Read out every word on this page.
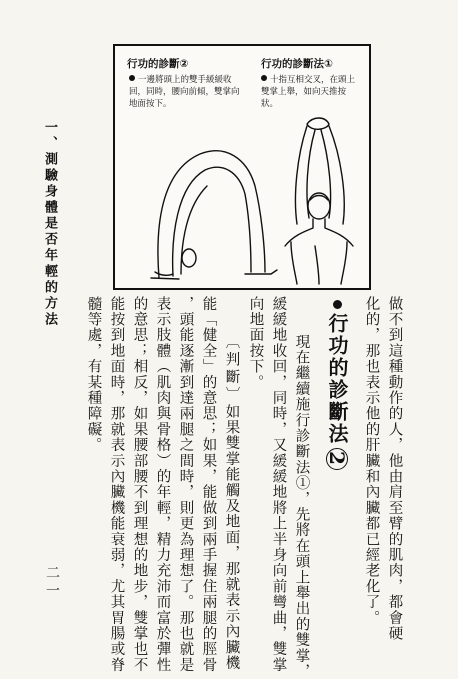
一、測驗身體是否年輕的方法
二一
行功的診斷②
一邊將頭上的雙手緩緩收回，同時，腰向前傾，雙掌向地面按下。
行功的診斷法①
十指互相交叉，在頭上雙掌上舉，如向天推按狀。
做不到這種動作的人，他由肩至臂的肌肉，都會硬
化的，那也表示他的肝臟和內臟都已經老化了。
行功的診斷法2
現在繼續施行診斷法①，先將在頭上舉出的雙掌，
緩緩地收回，同時，又緩緩地將上半身向前彎曲，雙掌
向地面按下。
〔判斷〕如果雙掌能觸及地面，那就表示內臟機
能「健全」的意思；如果，能做到兩手握住兩腿的脛骨
，頭能逐漸到達兩腿之間時，則更為理想了。那也就是
表示肢體（肌肉與骨格）的年輕，精力充沛而富於彈性
的意思；相反，如果腰部腰不到理想的地步，雙掌也不
能按到地面時，那就表示內臟機能衰弱，尤其胃腸或脊
髓等處，有某種障礙。
